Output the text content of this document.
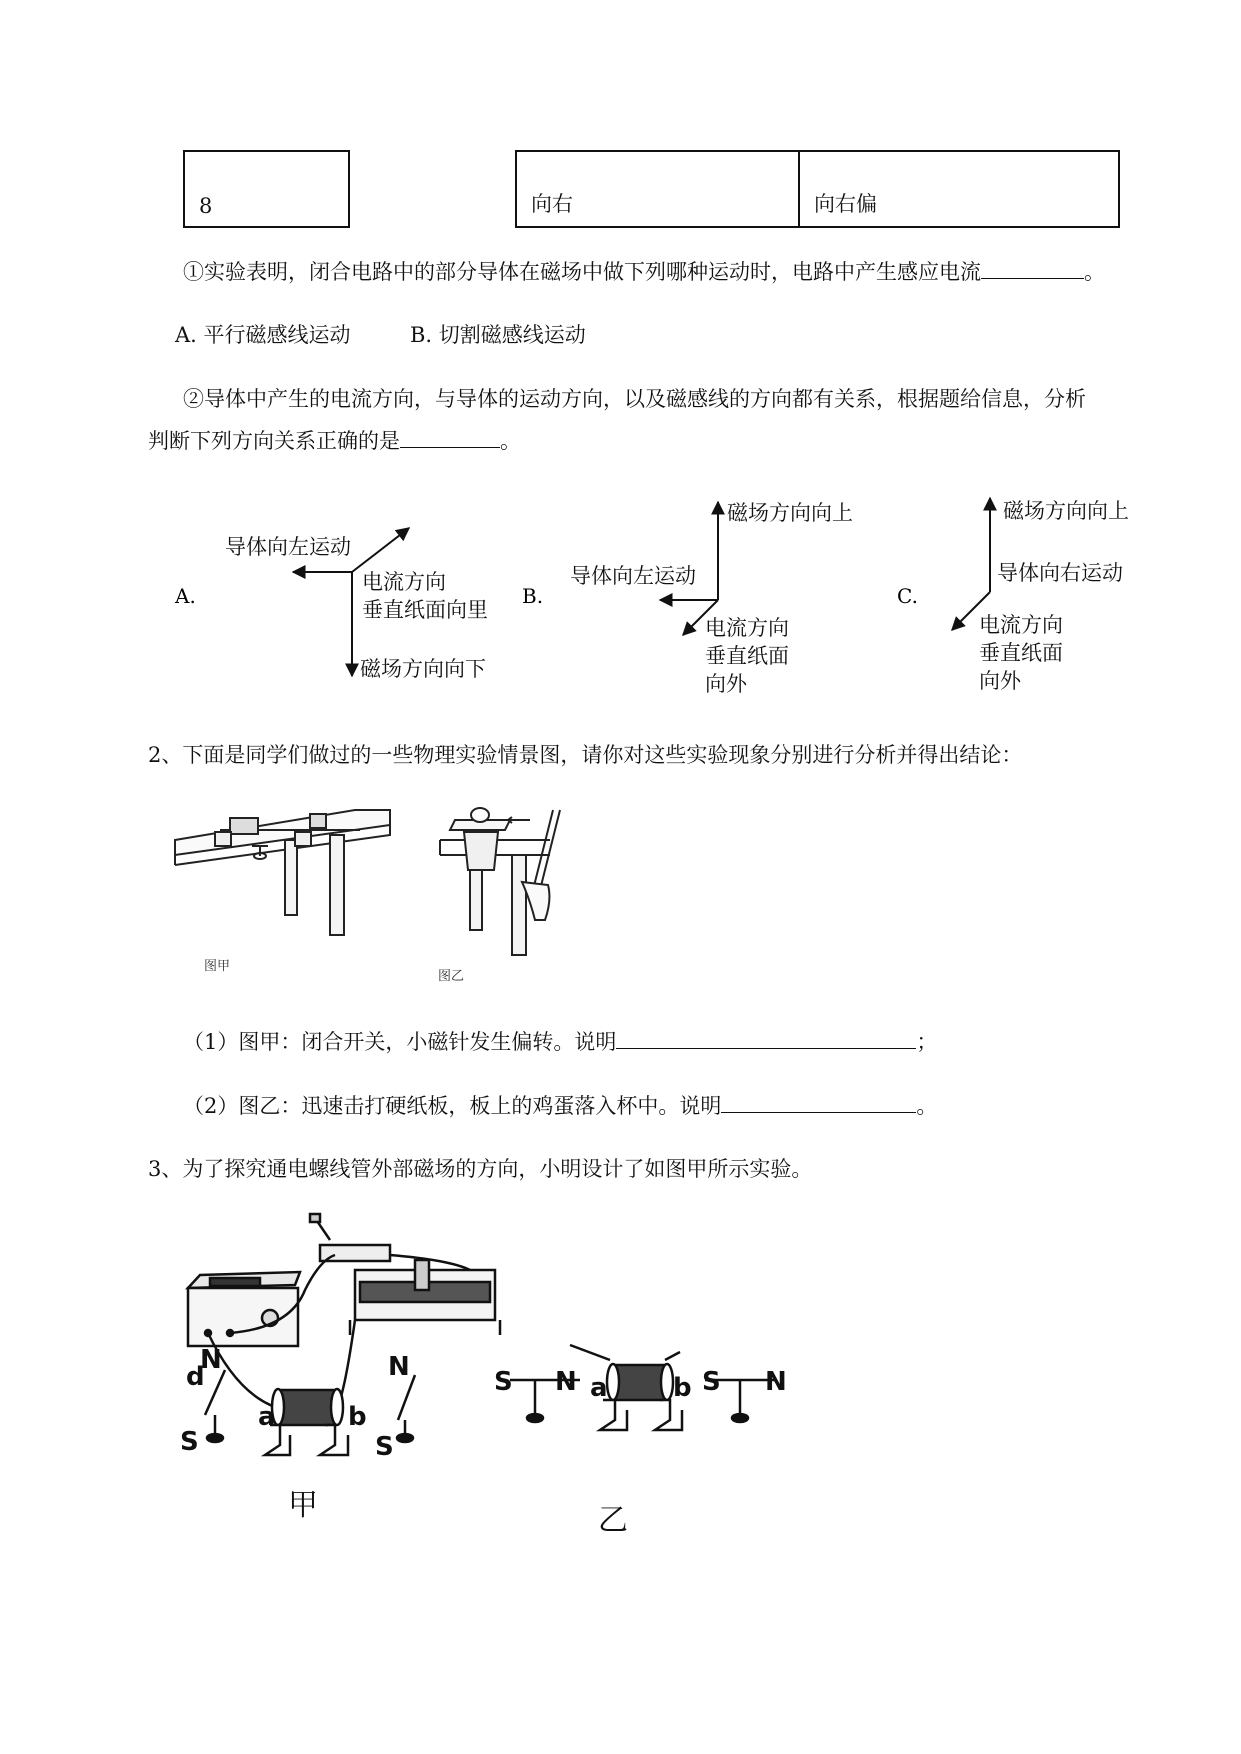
8		向右	向右偏
①实验表明，闭合电路中的部分导体在磁场中做下列哪种运动时，电路中产生感应电流	。
A. 平行磁感线运动	B. 切割磁感线运动
②导体中产生的电流方向，与导体的运动方向，以及磁感线的方向都有关系，根据题给信息，分析
判断下列方向关系正确的是	。
A.
导体向左运动
电流方向
垂直纸面向里
磁场方向向下
B.
磁场方向向上
导体向左运动
电流方向
垂直纸面
向外
C.
磁场方向向上
导体向右运动
电流方向
垂直纸面
向外
2、下面是同学们做过的一些物理实验情景图，请你对这些实验现象分别进行分析并得出结论：
图甲
图乙
（1）图甲：闭合开关，小磁针发生偏转。说明	；
（2）图乙：迅速击打硬纸板，板上的鸡蛋落入杯中。说明	。
3、为了探究通电螺线管外部磁场的方向，小明设计了如图甲所示实验。
d
a	b
N
S
N
S
S N a	b S N
甲	乙
